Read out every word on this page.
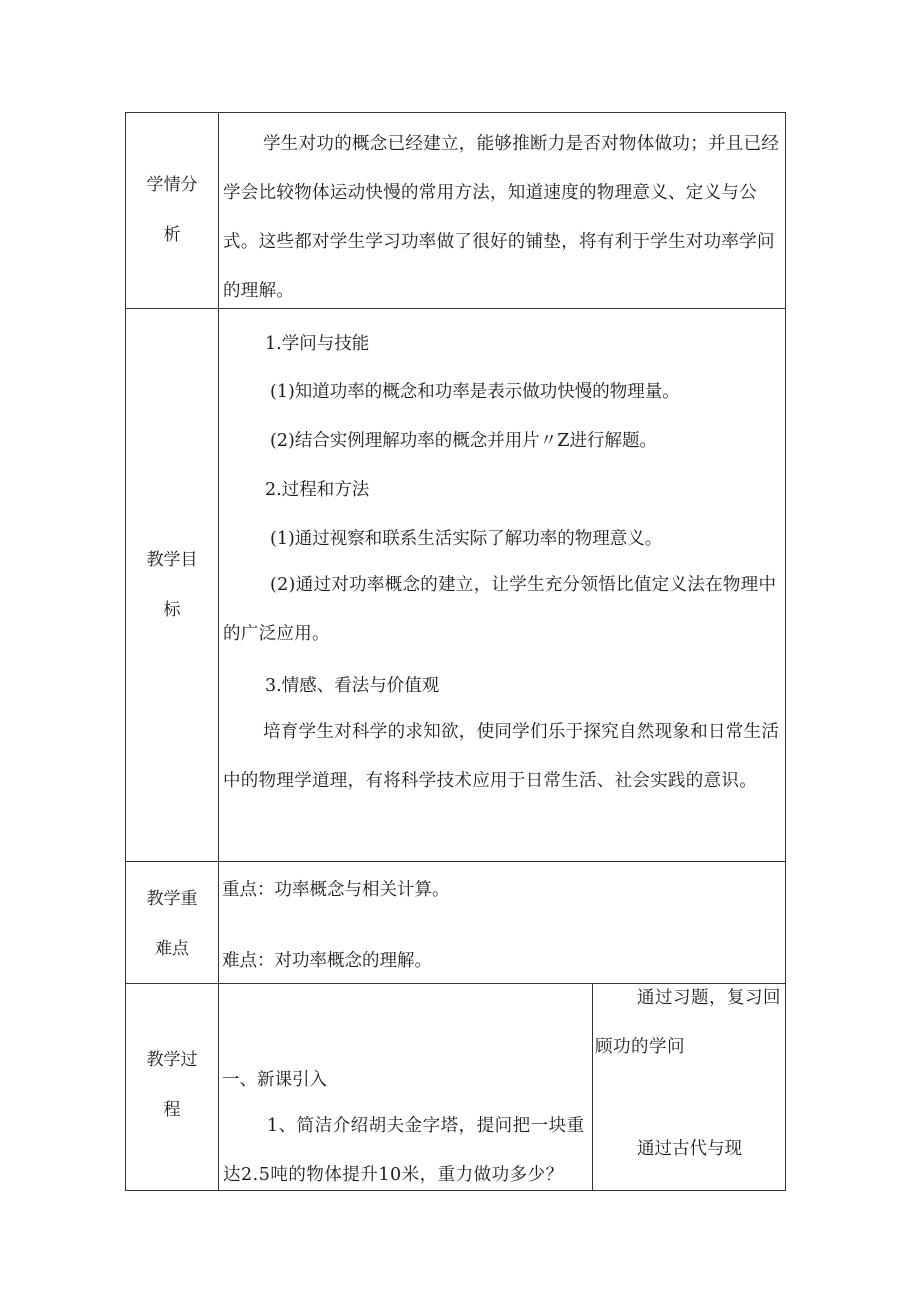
学情分
析
学生对功的概念已经建立，能够推断力是否对物体做功；并且已经学会比较物体运动快慢的常用方法，知道速度的物理意义、定义与公式。这些都对学生学习功率做了很好的铺垫，将有利于学生对功率学问的理解。
教学目
标
1.学问与技能
(1)知道功率的概念和功率是表示做功快慢的物理量。
(2)结合实例理解功率的概念并用片〃Z进行解题。
2.过程和方法
(1)通过视察和联系生活实际了解功率的物理意义。
(2)通过对功率概念的建立，让学生充分领悟比值定义法在物理中的广泛应用。
3.情感、看法与价值观
培育学生对科学的求知欲，使同学们乐于探究自然现象和日常生活中的物理学道理，有将科学技术应用于日常生活、社会实践的意识。
教学重
难点
重点：功率概念与相关计算。
难点：对功率概念的理解。
教学过
程
一、新课引入
1、简洁介绍胡夫金字塔，提问把一块重达2.5吨的物体提升10米，重力做功多少？
通过习题，复习回顾功的学问
通过古代与现
